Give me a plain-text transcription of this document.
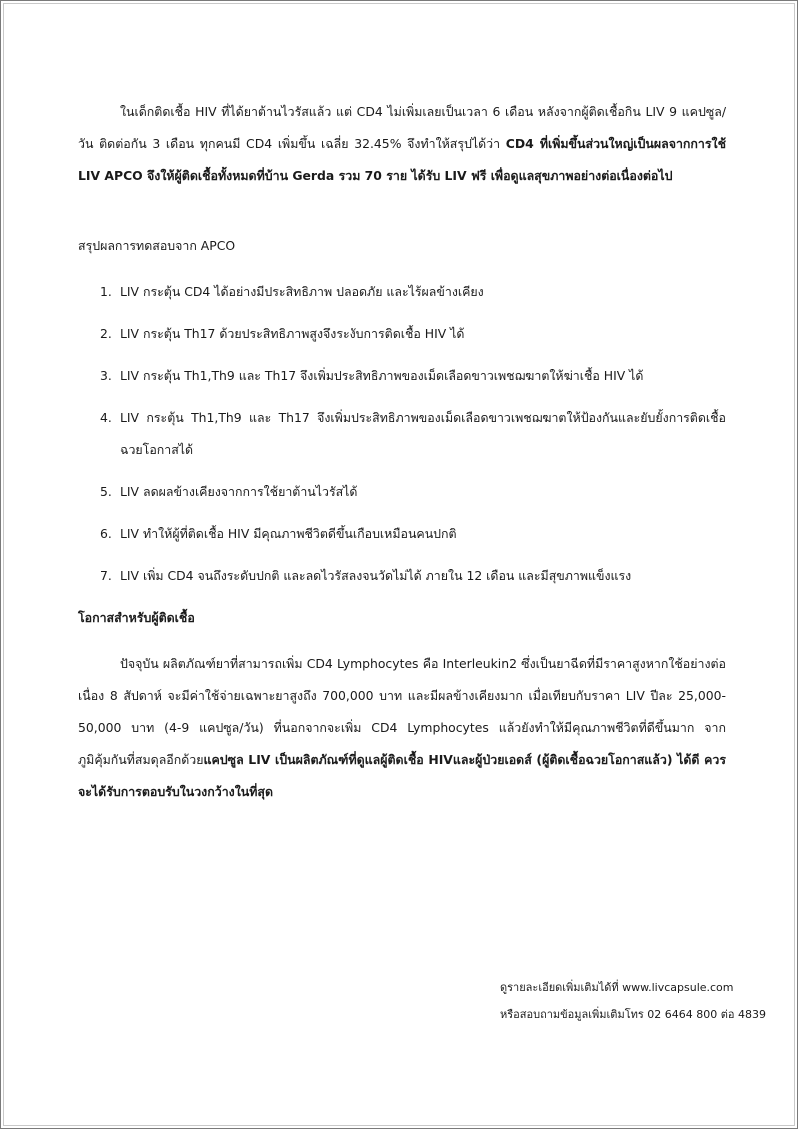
ในเด็กติดเชื้อ HIV ที่ได้ยาต้านไวรัสแล้ว แต่ CD4 ไม่เพิ่มเลยเป็นเวลา 6 เดือน หลังจากผู้ติดเชื้อกิน LIV 9 แคปซูล/วัน ติดต่อกัน 3 เดือน ทุกคนมี CD4 เพิ่มขึ้น เฉลี่ย 32.45% จึงทำให้สรุปได้ว่า CD4 ที่เพิ่มขึ้นส่วนใหญ่เป็นผลจากการใช้ LIV APCO จึงให้ผู้ติดเชื้อทั้งหมดที่บ้าน Gerda รวม 70 ราย ได้รับ LIV ฟรี เพื่อดูแลสุขภาพอย่างต่อเนื่องต่อไป

สรุปผลการทดสอบจาก APCO

1. LIV กระตุ้น CD4 ได้อย่างมีประสิทธิภาพ ปลอดภัย และไร้ผลข้างเคียง
2. LIV กระตุ้น Th17 ด้วยประสิทธิภาพสูงจึงระงับการติดเชื้อ HIV ได้
3. LIV กระตุ้น Th1,Th9 และ Th17 จึงเพิ่มประสิทธิภาพของเม็ดเลือดขาวเพชฌฆาตให้ฆ่าเชื้อ HIV ได้
4. LIV กระตุ้น Th1,Th9 และ Th17 จึงเพิ่มประสิทธิภาพของเม็ดเลือดขาวเพชฌฆาตให้ป้องกันและยับยั้งการติดเชื้อฉวยโอกาสได้
5. LIV ลดผลข้างเคียงจากการใช้ยาต้านไวรัสได้
6. LIV ทำให้ผู้ที่ติดเชื้อ HIV มีคุณภาพชีวิตดีขึ้นเกือบเหมือนคนปกติ
7. LIV เพิ่ม CD4 จนถึงระดับปกติ และลดไวรัสลงจนวัดไม่ได้ ภายใน 12 เดือน และมีสุขภาพแข็งแรง

โอกาสสำหรับผู้ติดเชื้อ

ปัจจุบัน ผลิตภัณฑ์ยาที่สามารถเพิ่ม CD4 Lymphocytes คือ Interleukin2 ซึ่งเป็นยาฉีดที่มีราคาสูงหากใช้อย่างต่อเนื่อง 8 สัปดาห์ จะมีค่าใช้จ่ายเฉพาะยาสูงถึง 700,000 บาท และมีผลข้างเคียงมาก เมื่อเทียบกับราคา LIV ปีละ 25,000-50,000 บาท (4-9 แคปซูล/วัน) ที่นอกจากจะเพิ่ม CD4 Lymphocytes แล้วยังทำให้มีคุณภาพชีวิตที่ดีขึ้นมาก จากภูมิคุ้มกันที่สมดุลอีกด้วยแคปซูล LIV เป็นผลิตภัณฑ์ที่ดูแลผู้ติดเชื้อ HIVและผู้ป่วยเอดส์ (ผู้ติดเชื้อฉวยโอกาสแล้ว) ได้ดี ควรจะได้รับการตอบรับในวงกว้างในที่สุด

ดูรายละเอียดเพิ่มเติมได้ที่ www.livcapsule.com

หรือสอบถามข้อมูลเพิ่มเติมโทร 02 6464 800 ต่อ 4839
